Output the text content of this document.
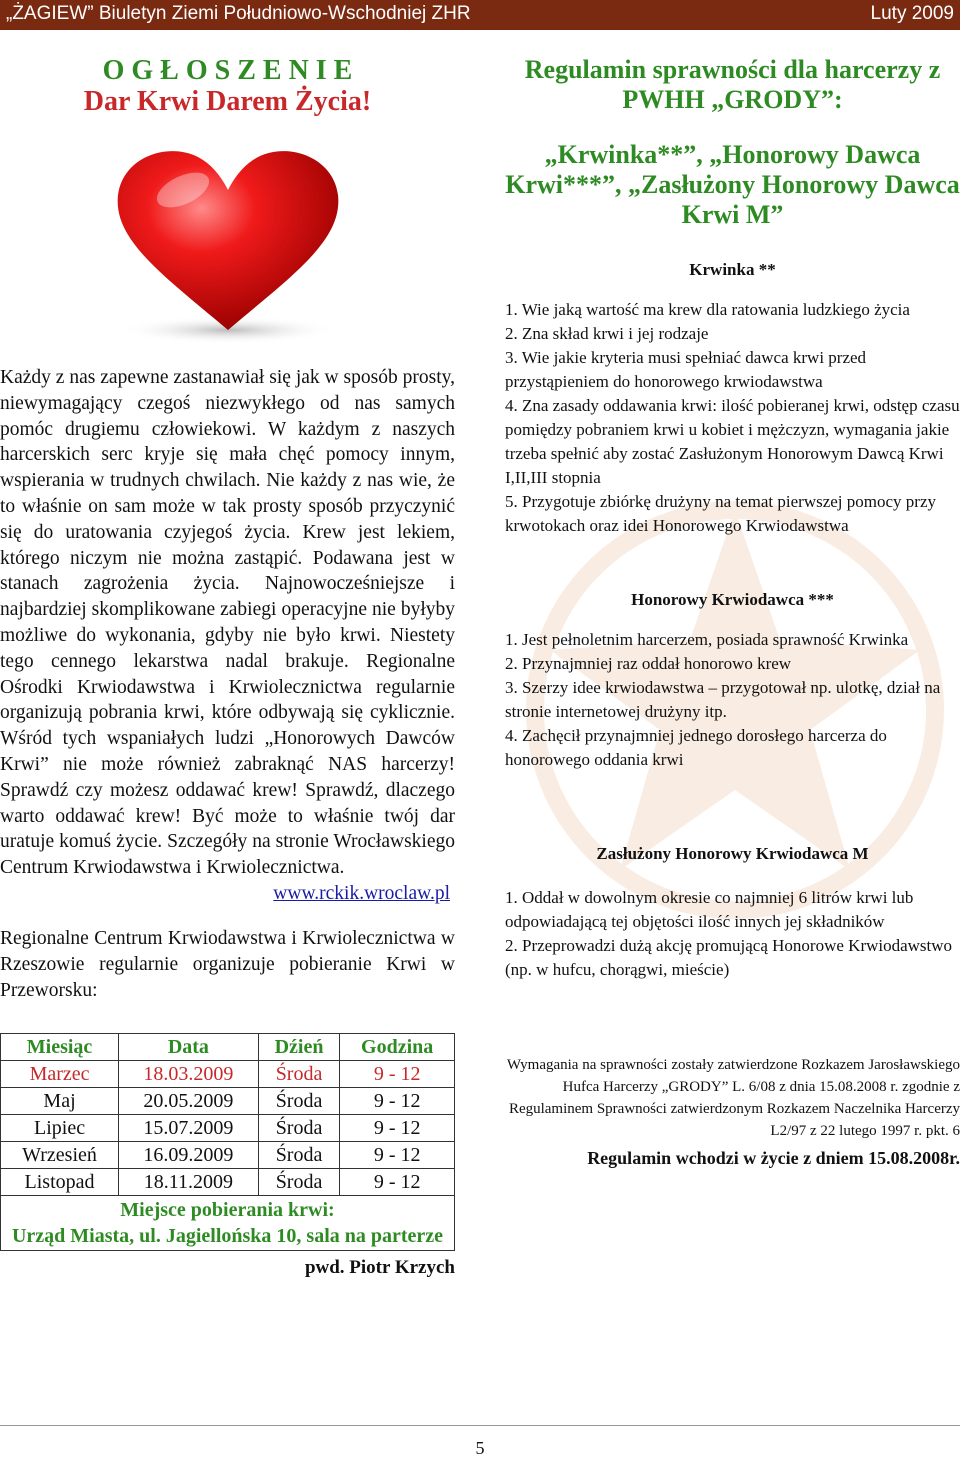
„ŻAGIEW” Biuletyn Ziemi Południowo-Wschodniej ZHR	Luty 2009

O G Ł O S Z E N I E

Dar Krwi Darem Życia!

Każdy z nas zapewne zastanawiał się jak w sposób prosty, niewymagający czegoś niezwykłego od nas samych pomóc drugiemu człowiekowi. W każdym z naszych harcerskich serc kryje się mała chęć pomocy innym, wspierania w trudnych chwilach. Nie każdy z nas wie, że to właśnie on sam może w tak prosty sposób przyczynić się do uratowania czyjegoś życia. Krew jest lekiem, którego niczym nie można zastąpić. Podawana jest w stanach zagrożenia życia. Najnowocześniejsze i najbardziej skomplikowane zabiegi operacyjne nie byłyby możliwe do wykonania, gdyby nie było krwi. Niestety tego cennego lekarstwa nadal brakuje. Regionalne Ośrodki Krwiodawstwa i Krwiolecznictwa regularnie organizują pobrania krwi, które odbywają się cyklicznie. Wśród tych wspaniałych ludzi „Honorowych Dawców Krwi” nie może również zabraknąć NAS harcerzy! Sprawdź czy możesz oddawać krew! Sprawdź, dlaczego warto oddawać krew! Być może to właśnie twój dar uratuje komuś życie. Szczegóły na stronie Wrocławskiego Centrum Krwiodawstwa i Krwiolecznictwa.

www.rckik.wroclaw.pl

Regionalne Centrum Krwiodawstwa i Krwiolecznictwa w Rzeszowie regularnie organizuje pobieranie Krwi w Przeworsku:

Miesiąc	Data	Dźień	Godzina
Marzec	18.03.2009	Środa	9 - 12
Maj	20.05.2009	Środa	9 - 12
Lipiec	15.07.2009	Środa	9 - 12
Wrzesień	16.09.2009	Środa	9 - 12
Listopad	18.11.2009	Środa	9 - 12

Miejsce pobierania krwi:
Urząd Miasta, ul. Jagiellońska 10, sala na parterze			
pwd. Piotr Krzych

Regulamin sprawności dla harcerzy z PWHH „GRODY”:

„Krwinka**”, „Honorowy Dawca Krwi***”, „Zasłużony Honorowy Dawca Krwi M”

Krwinka **

1. Wie jaką wartość ma krew dla ratowania ludzkiego życia

2. Zna skład krwi i jej rodzaje

3. Wie jakie kryteria musi spełniać dawca krwi przed przystąpieniem do honorowego krwiodawstwa

4. Zna zasady oddawania krwi: ilość pobieranej krwi, odstęp czasu pomiędzy pobraniem krwi u kobiet i mężczyzn, wymagania jakie trzeba spełnić aby zostać Zasłużonym Honorowym Dawcą Krwi I,II,III stopnia

5. Przygotuje zbiórkę drużyny na temat pierwszej pomocy przy krwotokach oraz idei Honorowego Krwiodawstwa

Honorowy Krwiodawca ***

1. Jest pełnoletnim harcerzem, posiada sprawność Krwinka

2. Przynajmniej raz oddał honorowo krew

3. Szerzy idee krwiodawstwa – przygotował np. ulotkę, dział na stronie internetowej drużyny itp.

4. Zachęcił przynajmniej jednego dorosłego harcerza do honorowego oddania krwi

Zasłużony Honorowy Krwiodawca M

1. Oddał w dowolnym okresie co najmniej 6 litrów krwi lub odpowiadającą tej objętości ilość innych jej składników

2. Przeprowadzi dużą akcję promującą Honorowe Krwiodawstwo (np. w hufcu, chorągwi, mieście)

Wymagania na sprawności zostały zatwierdzone Rozkazem Jarosławskiego Hufca Harcerzy „GRODY” L. 6/08 z dnia 15.08.2008 r. zgodnie z Regulaminem Sprawności zatwierdzonym Rozkazem Naczelnika Harcerzy L2/97 z 22 lutego 1997 r. pkt. 6

Regulamin wchodzi w życie z dniem 15.08.2008r.

5
